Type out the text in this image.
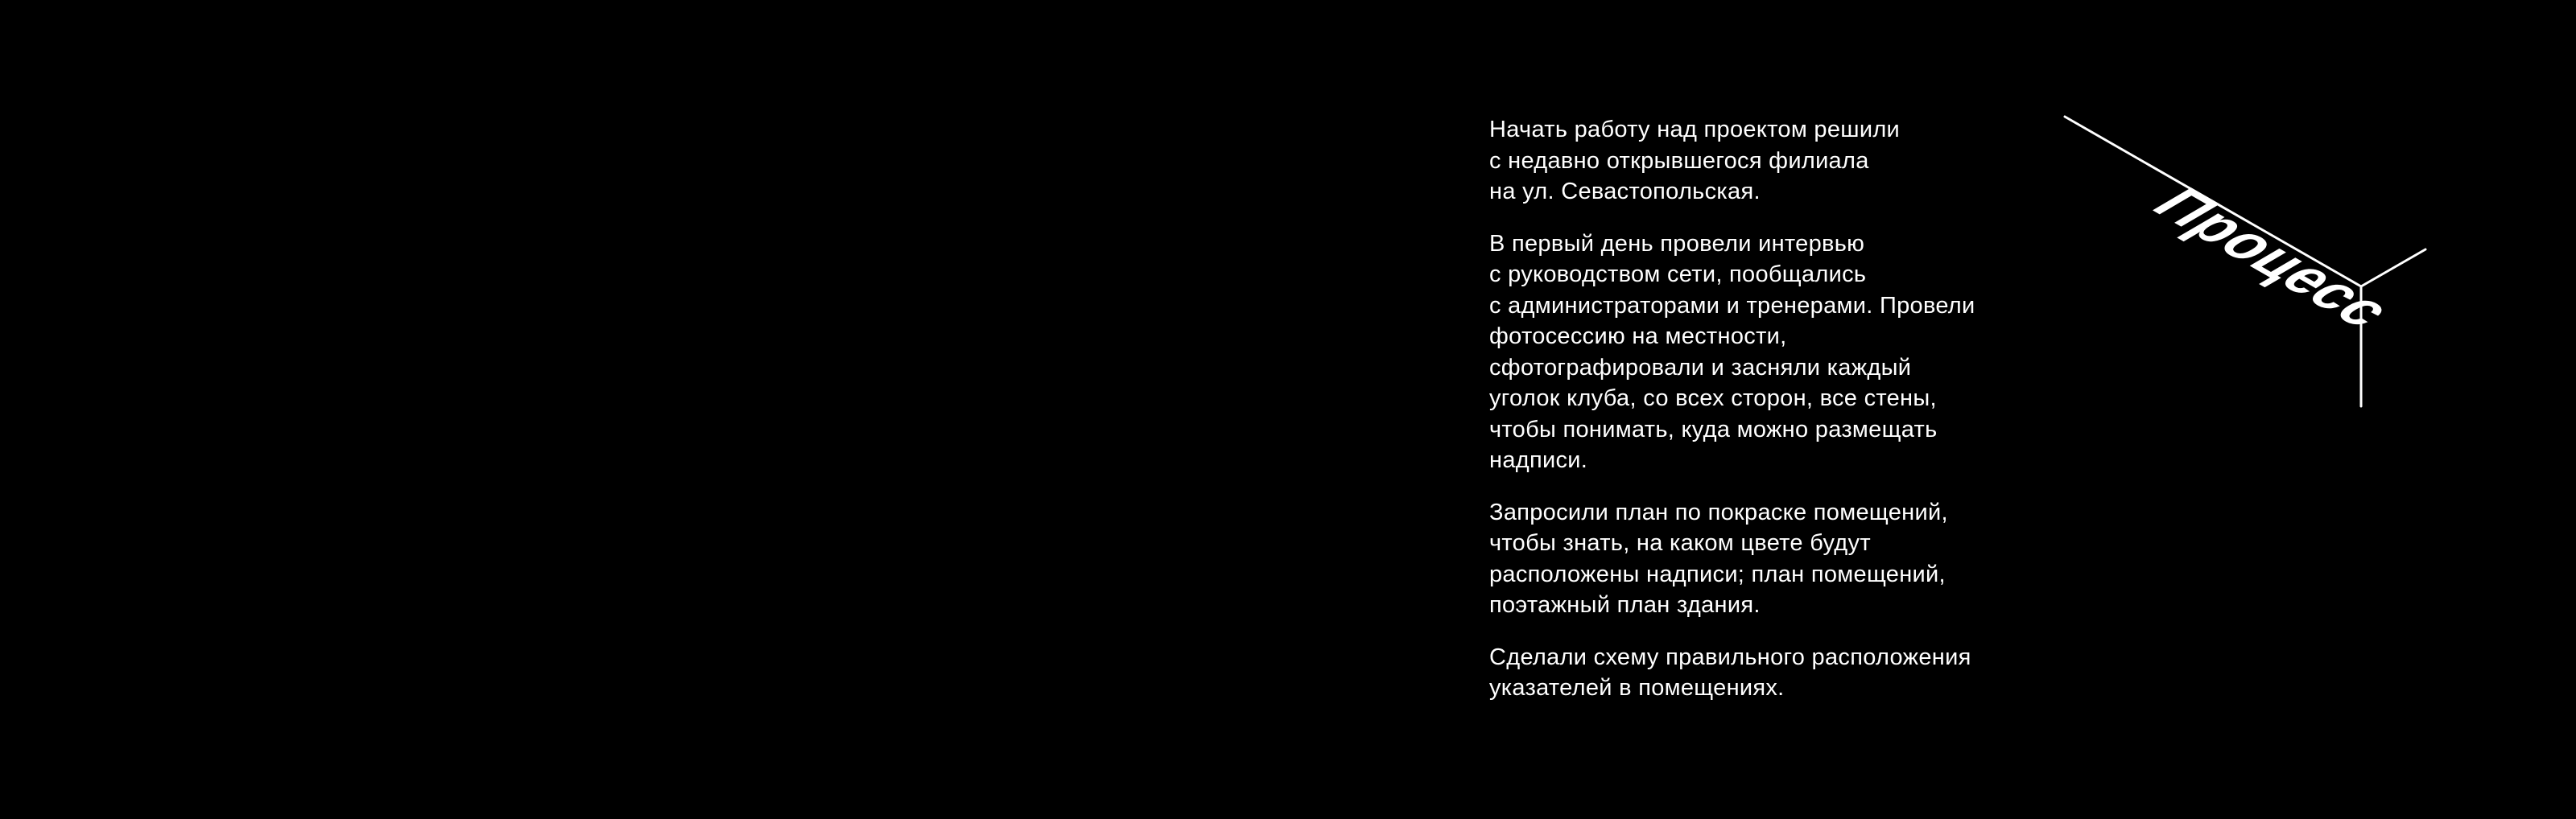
Начать работу над проектом решили
с недавно открывшегося филиала
на ул. Севастопольская.

В первый день провели интервью
с руководством сети, пообщались
с администраторами и тренерами. Провели
фотосессию на местности,
сфотографировали и засняли каждый
уголок клуба, со всех сторон, все стены,
чтобы понимать, куда можно размещать
надписи.

Запросили план по покраске помещений,
чтобы знать, на каком цвете будут
расположены надписи; план помещений,
поэтажный план здания.

Сделали схему правильного расположения
указателей в помещениях.

Процесс
